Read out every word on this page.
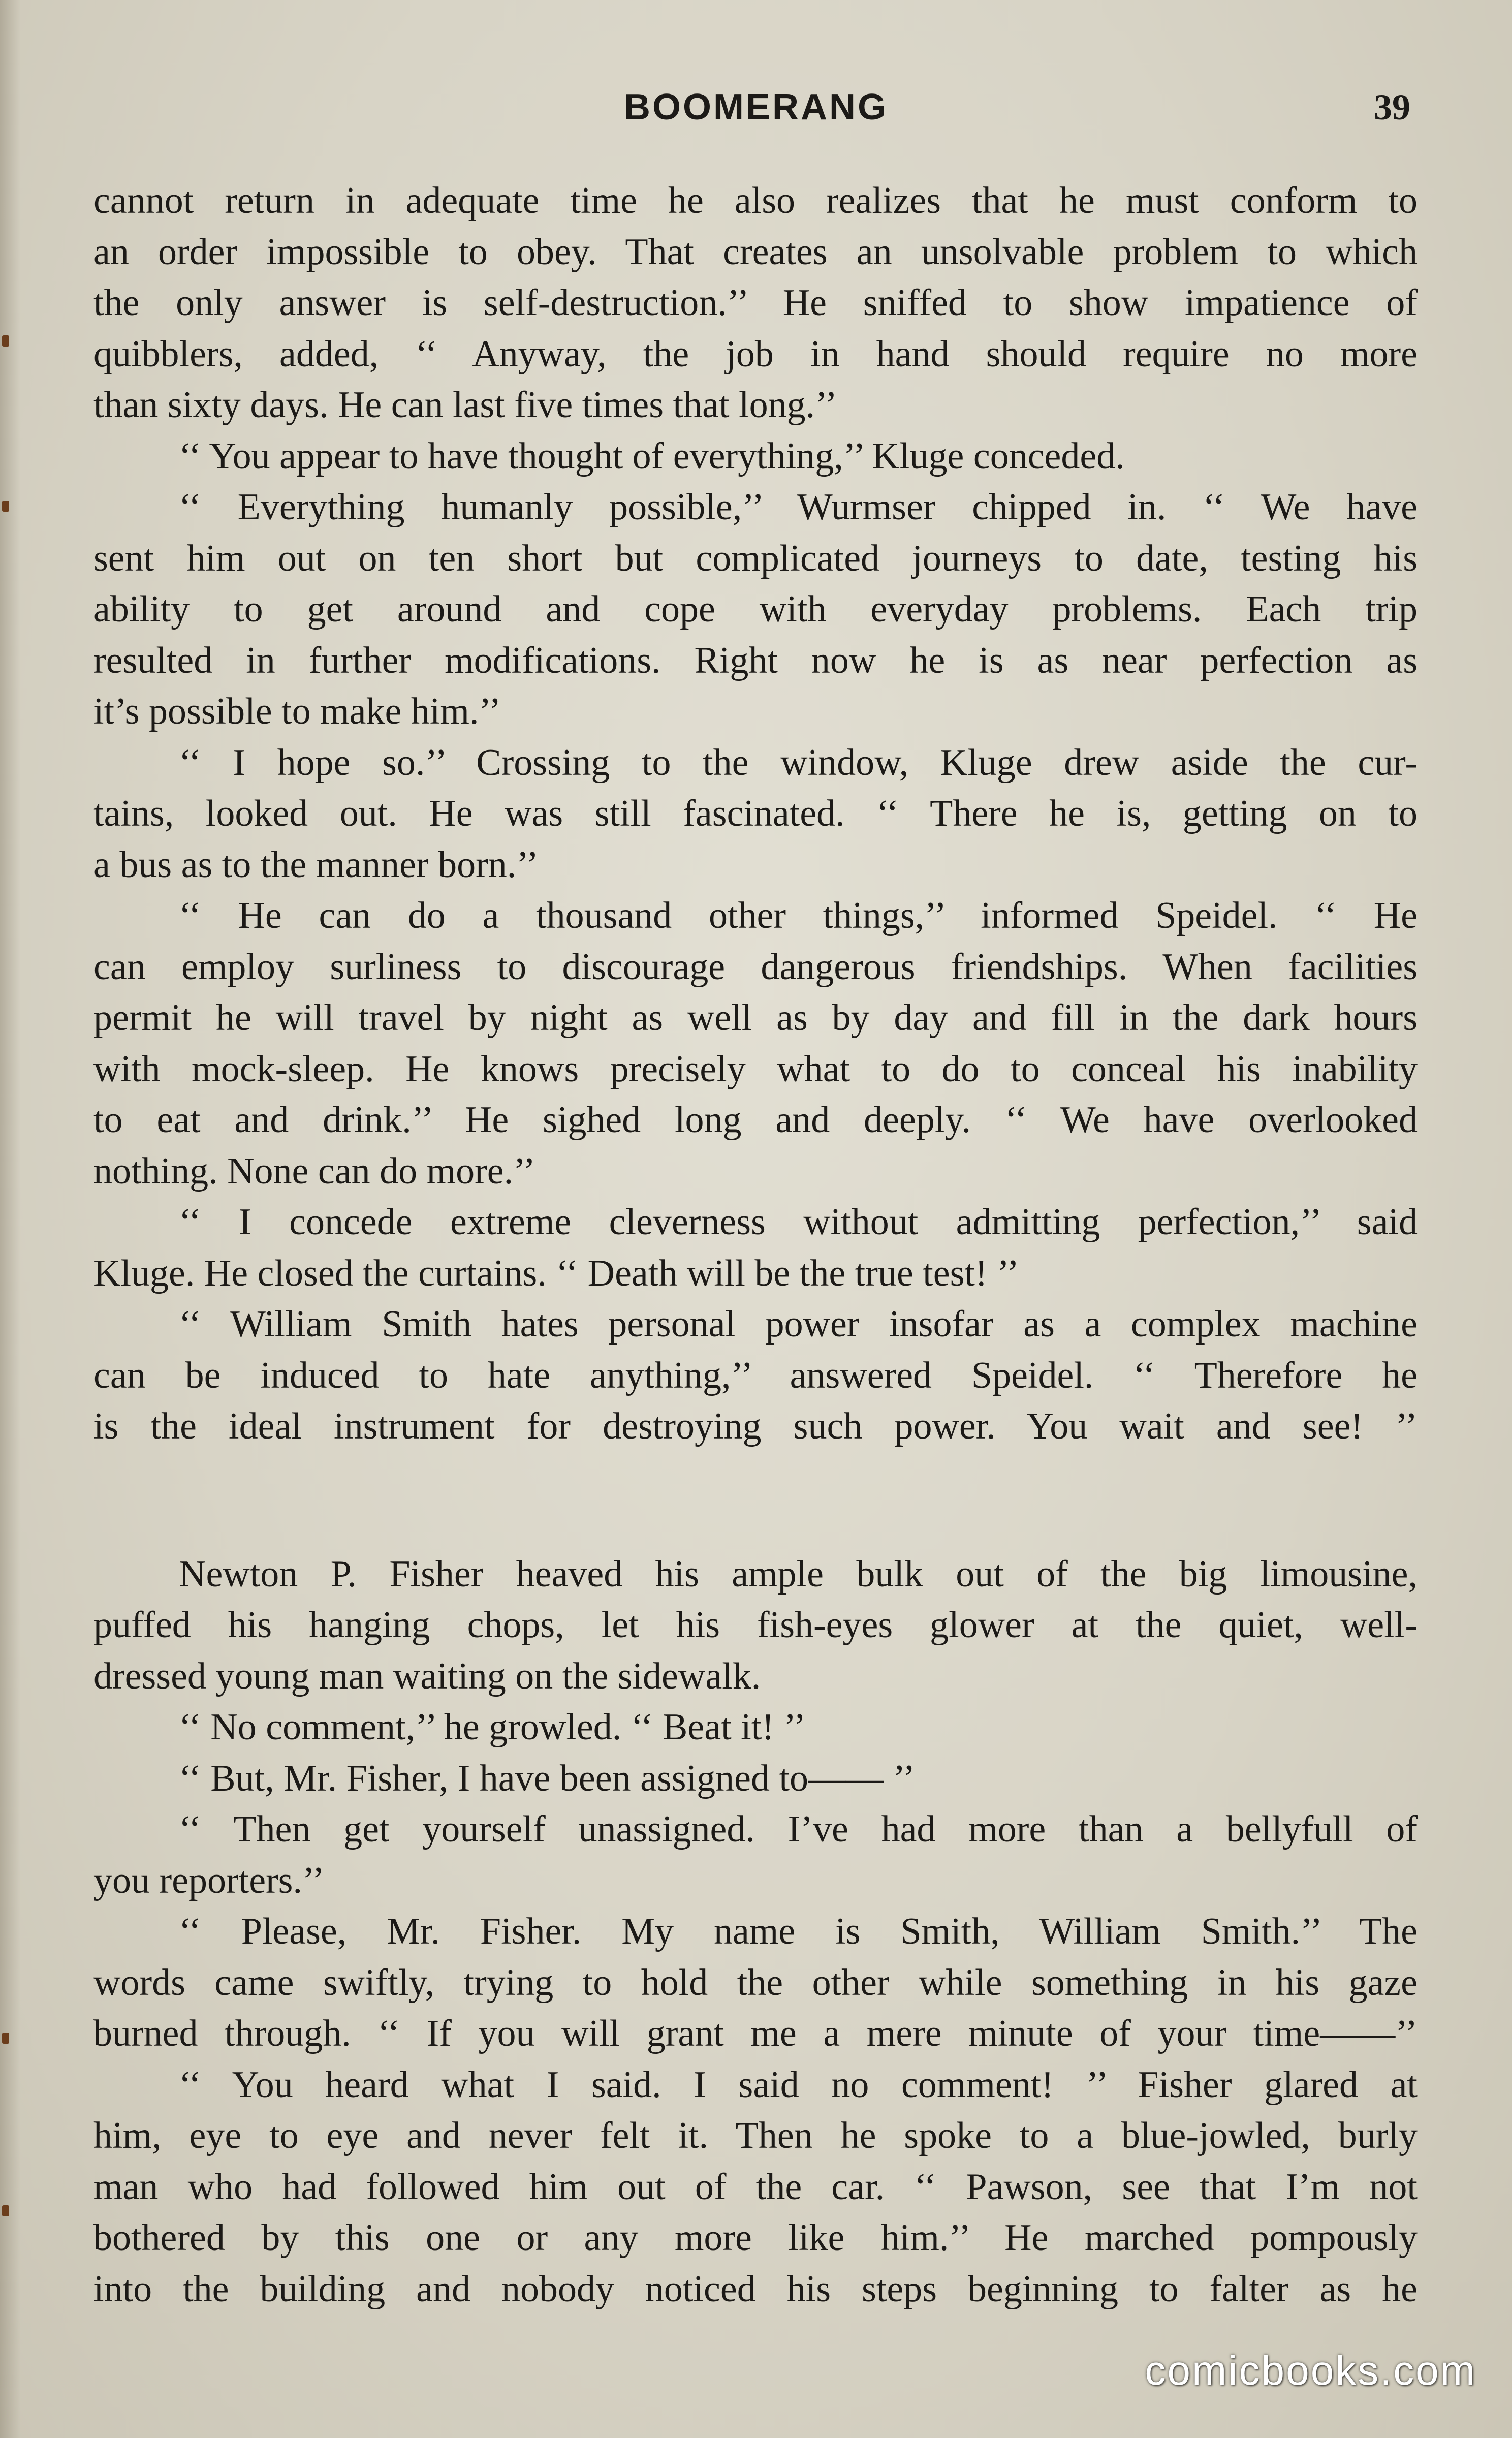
BOOMERANG	39
cannot return in adequate time he also realizes that he must conform to
an order impossible to obey. That creates an unsolvable problem to which
the only answer is self-destruction.’’ He sniffed to show impatience of
quibblers, added, ‘‘ Anyway, the job in hand should require no more
than sixty days. He can last five times that long.’’
‘‘ You appear to have thought of everything,’’ Kluge conceded.
‘‘ Everything humanly possible,’’ Wurmser chipped in. ‘‘ We have
sent him out on ten short but complicated journeys to date, testing his
ability to get around and cope with everyday problems. Each trip
resulted in further modifications. Right now he is as near perfection as
it’s possible to make him.’’
‘‘ I hope so.’’ Crossing to the window, Kluge drew aside the cur-
tains, looked out. He was still fascinated. ‘‘ There he is, getting on to
a bus as to the manner born.’’
‘‘ He can do a thousand other things,’’ informed Speidel. ‘‘ He
can employ surliness to discourage dangerous friendships. When facilities
permit he will travel by night as well as by day and fill in the dark hours
with mock-sleep. He knows precisely what to do to conceal his inability
to eat and drink.’’ He sighed long and deeply. ‘‘ We have overlooked
nothing. None can do more.’’
‘‘ I concede extreme cleverness without admitting perfection,’’ said
Kluge. He closed the curtains. ‘‘ Death will be the true test! ’’
‘‘ William Smith hates personal power insofar as a complex machine
can be induced to hate anything,’’ answered Speidel. ‘‘ Therefore he
is the ideal instrument for destroying such power. You wait and see! ’’
Newton P. Fisher heaved his ample bulk out of the big limousine,
puffed his hanging chops, let his fish-eyes glower at the quiet, well-
dressed young man waiting on the sidewalk.
‘‘ No comment,’’ he growled. ‘‘ Beat it! ’’
‘‘ But, Mr. Fisher, I have been assigned to—— ’’
‘‘ Then get yourself unassigned. I’ve had more than a bellyfull of
you reporters.’’
‘‘ Please, Mr. Fisher. My name is Smith, William Smith.’’ The
words came swiftly, trying to hold the other while something in his gaze
burned through. ‘‘ If you will grant me a mere minute of your time——’’
‘‘ You heard what I said. I said no comment! ’’ Fisher glared at
him, eye to eye and never felt it. Then he spoke to a blue-jowled, burly
man who had followed him out of the car. ‘‘ Pawson, see that I’m not
bothered by this one or any more like him.’’ He marched pompously
into the building and nobody noticed his steps beginning to falter as he
comicbooks.com
